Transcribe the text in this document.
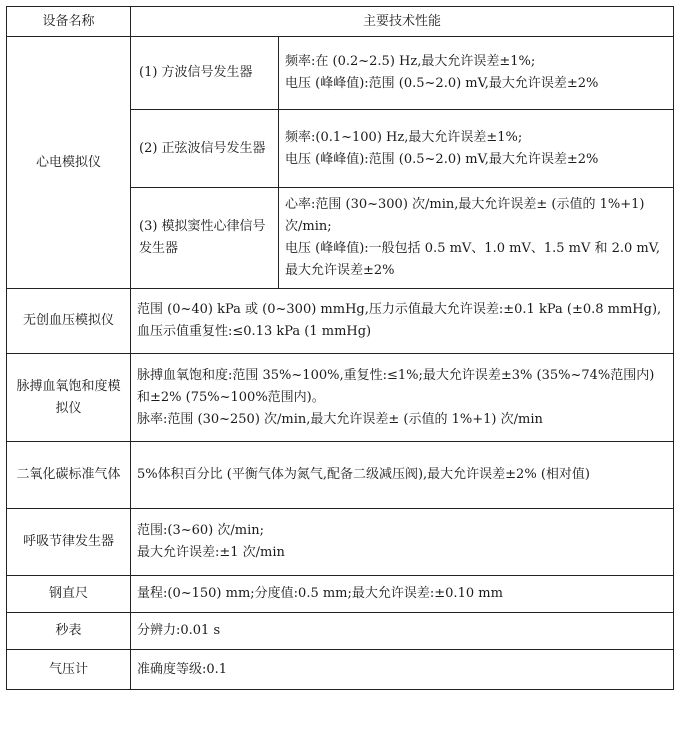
设备名称	主要技术性能	
心电模拟仪	(1) 方波信号发生器	频率:在 (0.2~2.5) Hz,最大允许误差±1%;
电压 (峰峰值):范围 (0.5~2.0) mV,最大允许误差±2%

	(2) 正弦波信号发生器	频率:(0.1~100) Hz,最大允许误差±1%;
电压 (峰峰值):范围 (0.5~2.0) mV,最大允许误差±2%

	(3) 模拟窦性心律信号发生器	心率:范围 (30~300) 次/min,最大允许误差± (示值的 1%+1) 次/min;
电压 (峰峰值):一般包括 0.5 mV、1.0 mV、1.5 mV 和 2.0 mV,最大允许误差±2%

无创血压模拟仪	范围 (0~40) kPa 或 (0~300) mmHg,压力示值最大允许误差:±0.1 kPa (±0.8 mmHg),血压示值重复性:≤0.13 kPa (1 mmHg)	
脉搏血氧饱和度模拟仪	脉搏血氧饱和度:范围 35%~100%,重复性:≤1%;最大允许误差±3% (35%~74%范围内) 和±2% (75%~100%范围内)。
脉率:范围 (30~250) 次/min,最大允许误差± (示值的 1%+1) 次/min	

二氧化碳标准气体	5%体积百分比 (平衡气体为氮气,配备二级减压阀),最大允许误差±2% (相对值)	
呼吸节律发生器	范围:(3~60) 次/min;
最大允许误差:±1 次/min	

钢直尺	量程:(0~150) mm;分度值:0.5 mm;最大允许误差:±0.10 mm	
秒表	分辨力:0.01 s	
气压计	准确度等级:0.1	
